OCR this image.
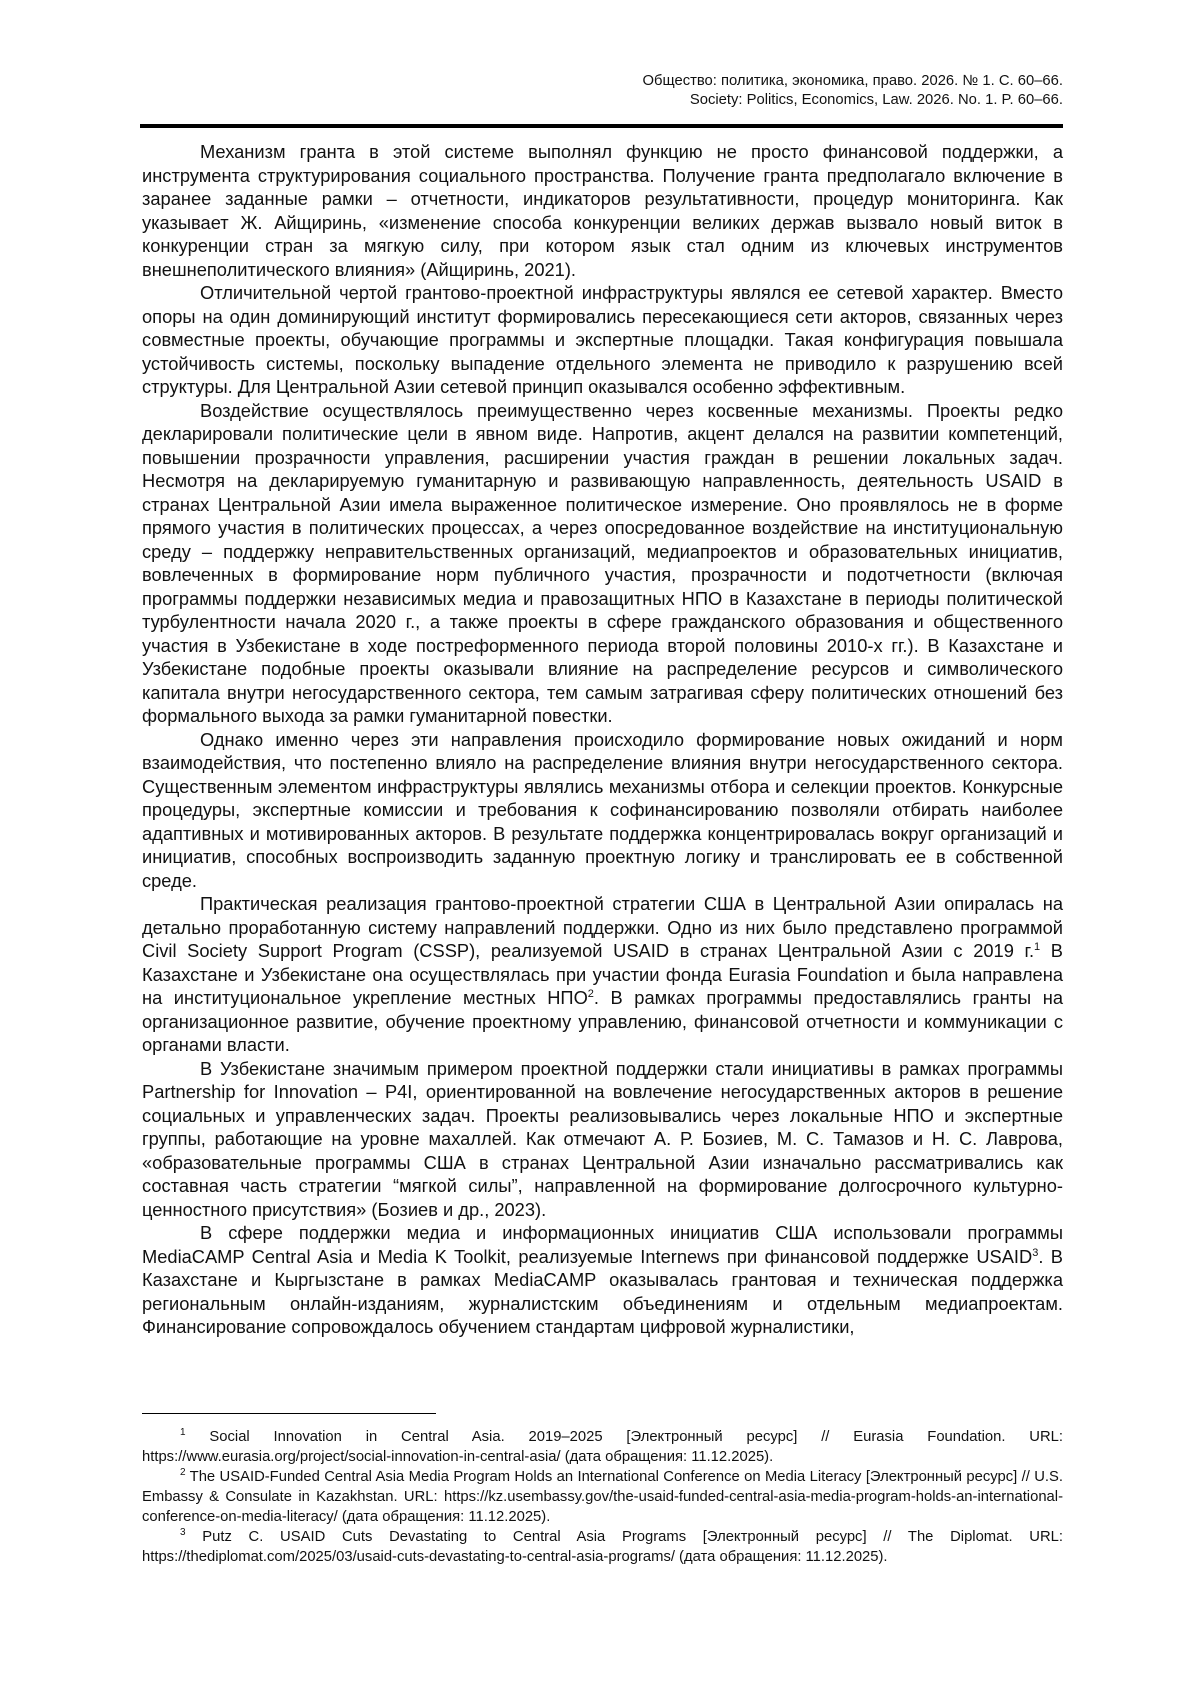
Общество: политика, экономика, право. 2026. № 1. С. 60–66.
Society: Politics, Economics, Law. 2026. No. 1. P. 60–66.

Механизм гранта в этой системе выполнял функцию не просто финансовой поддержки, а инструмента структурирования социального пространства. Получение гранта предполагало включение в заранее заданные рамки – отчетности, индикаторов результативности, процедур мониторинга. Как указывает Ж. Айщиринь, «изменение способа конкуренции великих держав вызвало новый виток в конкуренции стран за мягкую силу, при котором язык стал одним из ключевых инструментов внешнеполитического влияния» (Айщиринь, 2021).

Отличительной чертой грантово-проектной инфраструктуры являлся ее сетевой характер. Вместо опоры на один доминирующий институт формировались пересекающиеся сети акторов, связанных через совместные проекты, обучающие программы и экспертные площадки. Такая конфигурация повышала устойчивость системы, поскольку выпадение отдельного элемента не приводило к разрушению всей структуры. Для Центральной Азии сетевой принцип оказывался особенно эффективным.

Воздействие осуществлялось преимущественно через косвенные механизмы. Проекты редко декларировали политические цели в явном виде. Напротив, акцент делался на развитии компетенций, повышении прозрачности управления, расширении участия граждан в решении локальных задач. Несмотря на декларируемую гуманитарную и развивающую направленность, деятельность USAID в странах Центральной Азии имела выраженное политическое измерение. Оно проявлялось не в форме прямого участия в политических процессах, а через опосредованное воздействие на институциональную среду – поддержку неправительственных организаций, медиапроектов и образовательных инициатив, вовлеченных в формирование норм публичного участия, прозрачности и подотчетности (включая программы поддержки независимых медиа и правозащитных НПО в Казахстане в периоды политической турбулентности начала 2020 г., а также проекты в сфере гражданского образования и общественного участия в Узбекистане в ходе постреформенного периода второй половины 2010-х гг.). В Казахстане и Узбекистане подобные проекты оказывали влияние на распределение ресурсов и символического капитала внутри негосударственного сектора, тем самым затрагивая сферу политических отношений без формального выхода за рамки гуманитарной повестки.

Однако именно через эти направления происходило формирование новых ожиданий и норм взаимодействия, что постепенно влияло на распределение влияния внутри негосударственного сектора. Существенным элементом инфраструктуры являлись механизмы отбора и селекции проектов. Конкурсные процедуры, экспертные комиссии и требования к софинансированию позволяли отбирать наиболее адаптивных и мотивированных акторов. В результате поддержка концентрировалась вокруг организаций и инициатив, способных воспроизводить заданную проектную логику и транслировать ее в собственной среде.

Практическая реализация грантово-проектной стратегии США в Центральной Азии опиралась на детально проработанную систему направлений поддержки. Одно из них было представлено программой Civil Society Support Program (CSSP), реализуемой USAID в странах Центральной Азии с 2019 г.$^1$ В Казахстане и Узбекистане она осуществлялась при участии фонда Eurasia Foundation и была направлена на институциональное укрепление местных НПО$^2$. В рамках программы предоставлялись гранты на организационное развитие, обучение проектному управлению, финансовой отчетности и коммуникации с органами власти.

В Узбекистане значимым примером проектной поддержки стали инициативы в рамках программы Partnership for Innovation – P4I, ориентированной на вовлечение негосударственных акторов в решение социальных и управленческих задач. Проекты реализовывались через локальные НПО и экспертные группы, работающие на уровне махаллей. Как отмечают А. Р. Бозиев, М. С. Тамазов и Н. С. Лаврова, «образовательные программы США в странах Центральной Азии изначально рассматривались как составная часть стратегии “мягкой силы”, направленной на формирование долгосрочного культурно-ценностного присутствия» (Бозиев и др., 2023).

В сфере поддержки медиа и информационных инициатив США использовали программы MediaCAMP Central Asia и Media K Toolkit, реализуемые Internews при финансовой поддержке USAID$^3$. В Казахстане и Кыргызстане в рамках MediaCAMP оказывалась грантовая и техническая поддержка региональным онлайн-изданиям, журналистским объединениям и отдельным медиапроектам. Финансирование сопровождалось обучением стандартам цифровой журналистики,

$^1$ Social Innovation in Central Asia. 2019–2025 [Электронный ресурс] // Eurasia Foundation. URL: https://www.eurasia.org/project/social-innovation-in-central-asia/ (дата обращения: 11.12.2025).

$^2$ The USAID-Funded Central Asia Media Program Holds an International Conference on Media Literacy [Электронный ресурс] // U.S. Embassy & Consulate in Kazakhstan. URL: https://kz.usembassy.gov/the-usaid-funded-central-asia-media-program-holds-an-international-conference-on-media-literacy/ (дата обращения: 11.12.2025).

$^3$ Putz C. USAID Cuts Devastating to Central Asia Programs [Электронный ресурс] // The Diplomat. URL: https://thediplomat.com/2025/03/usaid-cuts-devastating-to-central-asia-programs/ (дата обращения: 11.12.2025).
